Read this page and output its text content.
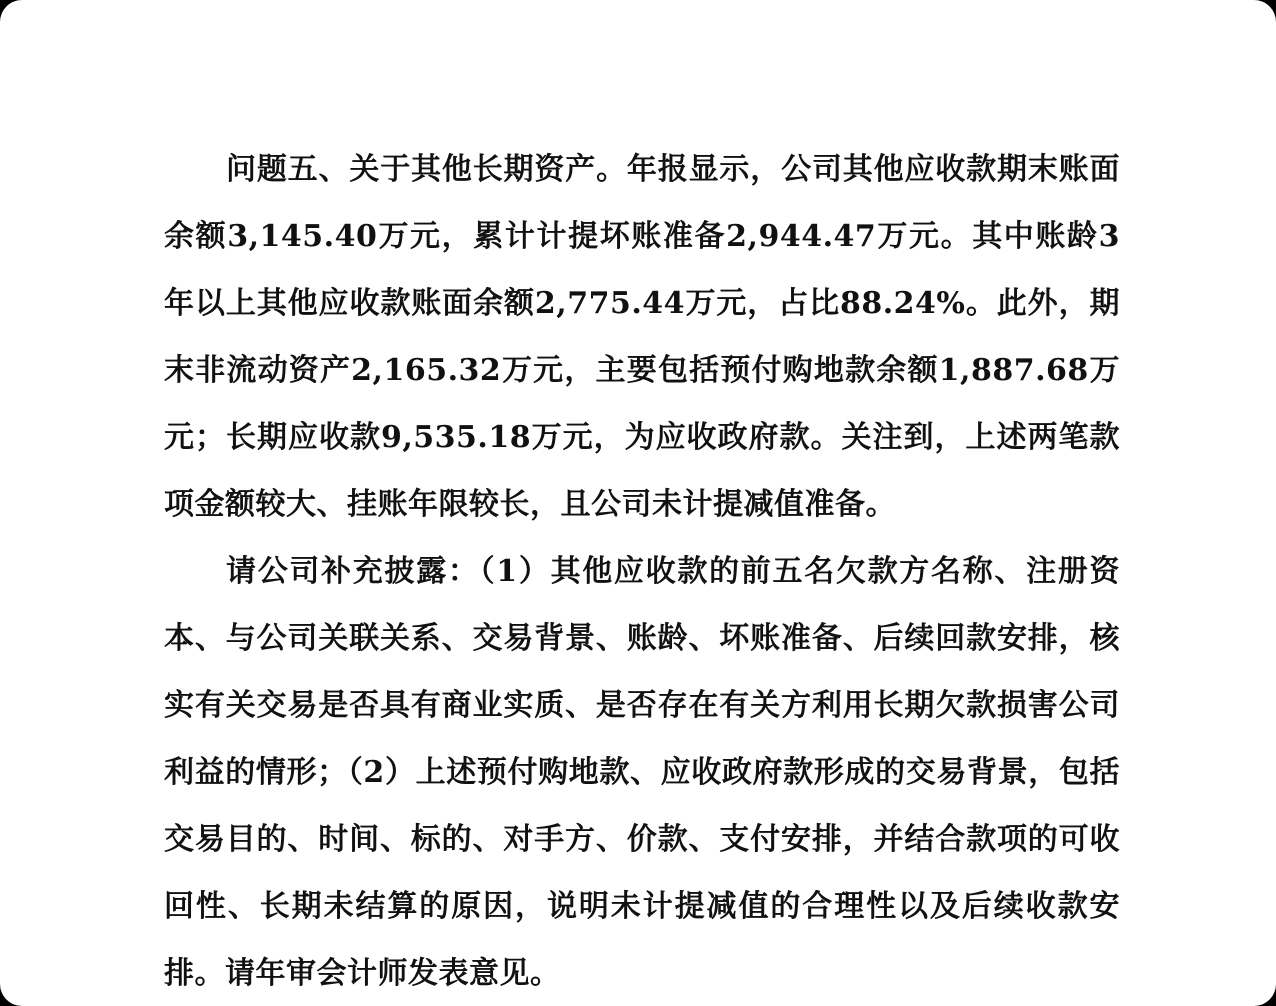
问题五、关于其他长期资产。年报显示，公司其他应收款期末账面余额3,145.40万元，累计计提坏账准备2,944.47万元。其中账龄3年以上其他应收款账面余额2,775.44万元，占比88.24%。此外，期末非流动资产2,165.32万元，主要包括预付购地款余额1,887.68万元；长期应收款9,535.18万元，为应收政府款。关注到，上述两笔款项金额较大、挂账年限较长，且公司未计提减值准备。

请公司补充披露：（1）其他应收款的前五名欠款方名称、注册资本、与公司关联关系、交易背景、账龄、坏账准备、后续回款安排，核实有关交易是否具有商业实质、是否存在有关方利用长期欠款损害公司利益的情形；（2）上述预付购地款、应收政府款形成的交易背景，包括交易目的、时间、标的、对手方、价款、支付安排，并结合款项的可收回性、长期未结算的原因，说明未计提减值的合理性以及后续收款安排。请年审会计师发表意见。
